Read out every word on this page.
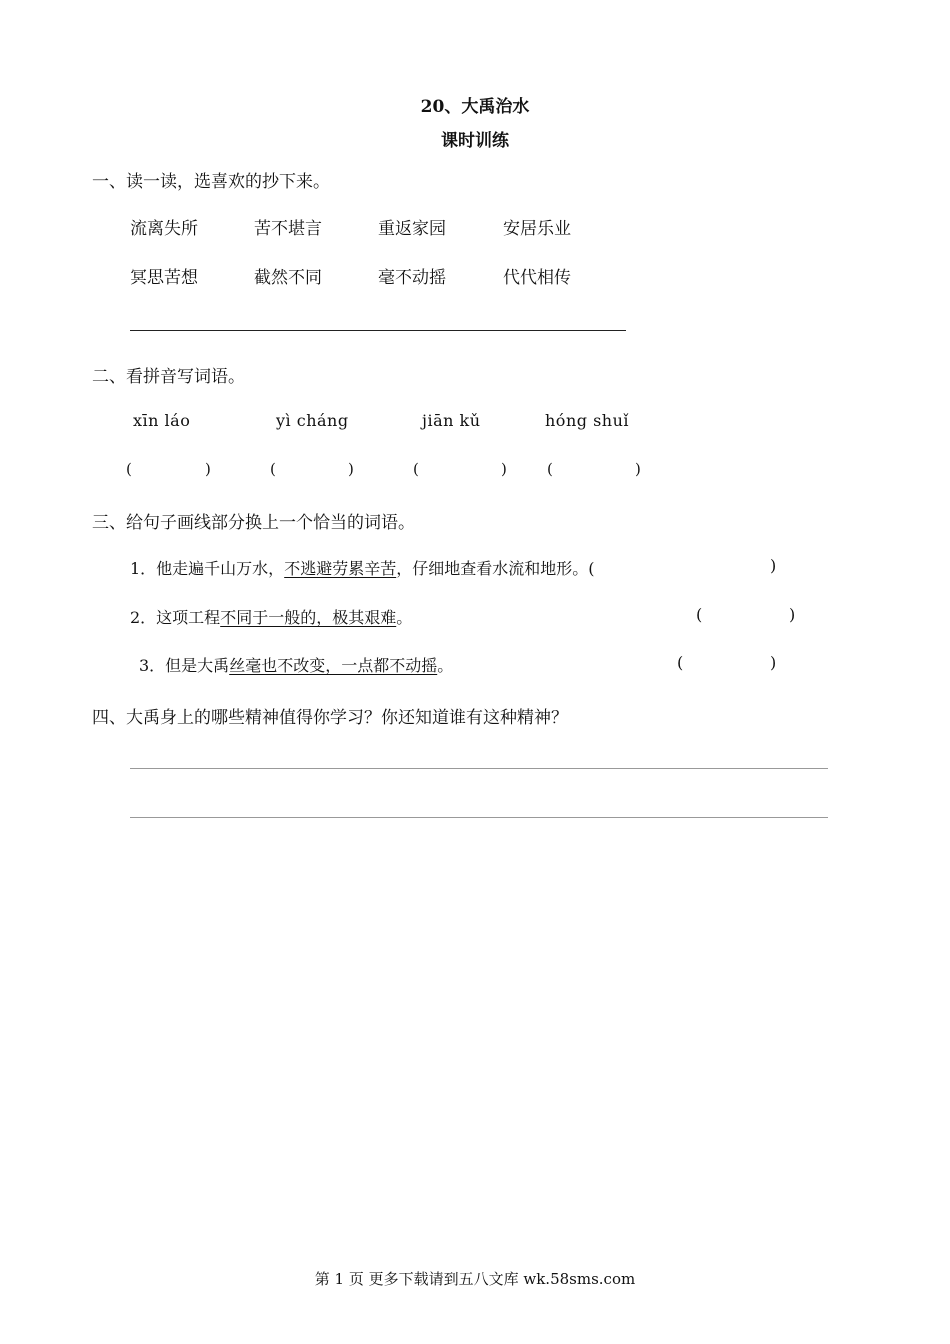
20、大禹治水
课时训练
一、读一读，选喜欢的抄下来。
流离失所	苦不堪言	重返家园	安居乐业
冥思苦想	截然不同	毫不动摇	代代相传
二、看拼音写词语。
xīn láo	yì cháng	jiān kǔ	hóng shuǐ
(	)	(	)	(	)	(	)
三、给句子画线部分换上一个恰当的词语。
1．他走遍千山万水，不逃避劳累辛苦，仔细地查看水流和地形。(	)
2．这项工程不同于一般的，极其艰难。	(	)
3．但是大禹丝毫也不改变，一点都不动摇。	(	)
四、大禹身上的哪些精神值得你学习？你还知道谁有这种精神？
第 1 页 更多下载请到五八文库 wk.58sms.com
